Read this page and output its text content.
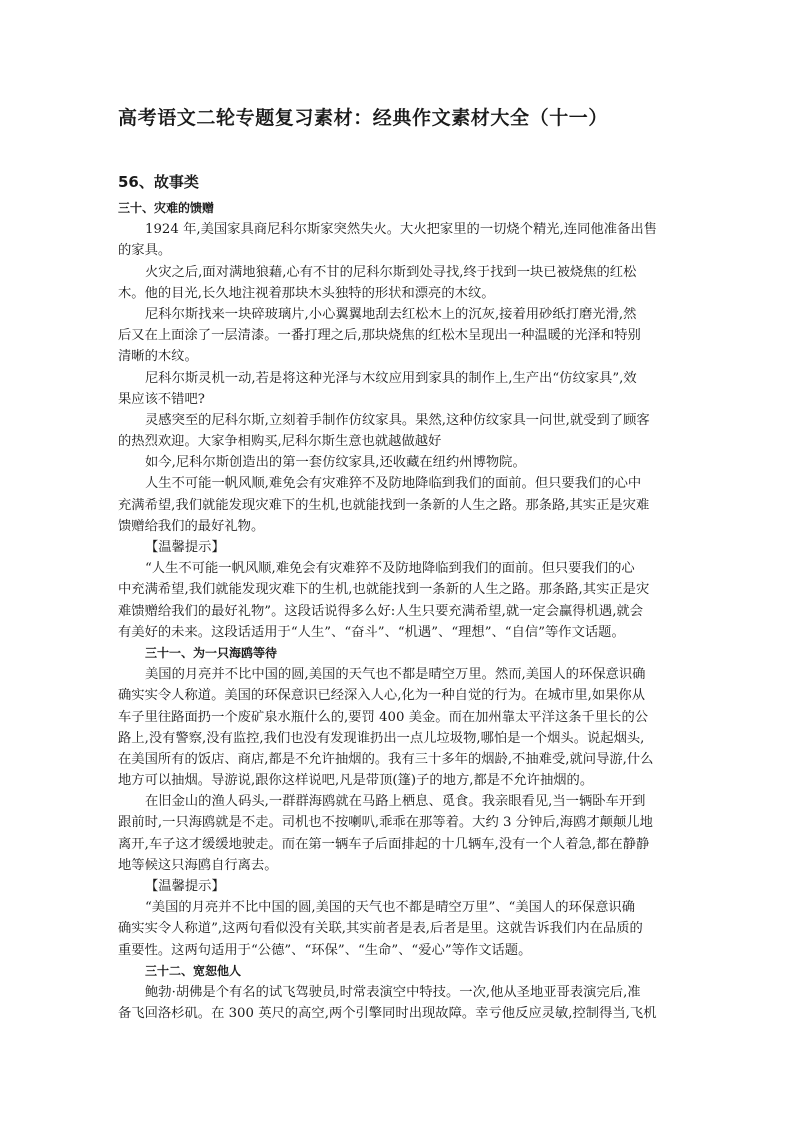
高考语文二轮专题复习素材：经典作文素材大全（十一）
56、故事类
三十、灾难的馈赠
1924 年,美国家具商尼科尔斯家突然失火。大火把家里的一切烧个精光,连同他准备出售
的家具。
火灾之后,面对满地狼藉,心有不甘的尼科尔斯到处寻找,终于找到一块已被烧焦的红松
木。他的目光,长久地注视着那块木头独特的形状和漂亮的木纹。
尼科尔斯找来一块碎玻璃片,小心翼翼地刮去红松木上的沉灰,接着用砂纸打磨光滑,然
后又在上面涂了一层清漆。一番打理之后,那块烧焦的红松木呈现出一种温暖的光泽和特别
清晰的木纹。
尼科尔斯灵机一动,若是将这种光泽与木纹应用到家具的制作上,生产出“仿纹家具”,效
果应该不错吧?
灵感突至的尼科尔斯,立刻着手制作仿纹家具。果然,这种仿纹家具一问世,就受到了顾客
的热烈欢迎。大家争相购买,尼科尔斯生意也就越做越好
如今,尼科尔斯创造出的第一套仿纹家具,还收藏在纽约州博物院。
人生不可能一帆风顺,难免会有灾难猝不及防地降临到我们的面前。但只要我们的心中
充满希望,我们就能发现灾难下的生机,也就能找到一条新的人生之路。那条路,其实正是灾难
馈赠给我们的最好礼物。
【温馨提示】
“人生不可能一帆风顺,难免会有灾难猝不及防地降临到我们的面前。但只要我们的心
中充满希望,我们就能发现灾难下的生机,也就能找到一条新的人生之路。那条路,其实正是灾
难馈赠给我们的最好礼物”。这段话说得多么好:人生只要充满希望,就一定会赢得机遇,就会
有美好的未来。这段话适用于“人生”、“奋斗”、“机遇”、“理想”、“自信”等作文话题。
三十一、为一只海鸥等待
美国的月亮并不比中国的圆,美国的天气也不都是晴空万里。然而,美国人的环保意识确
确实实令人称道。美国的环保意识已经深入人心,化为一种自觉的行为。在城市里,如果你从
车子里往路面扔一个废矿泉水瓶什么的,要罚 400 美金。而在加州靠太平洋这条千里长的公
路上,没有警察,没有监控,我们也没有发现谁扔出一点儿垃圾物,哪怕是一个烟头。说起烟头,
在美国所有的饭店、商店,都是不允许抽烟的。我有三十多年的烟龄,不抽难受,就问导游,什么
地方可以抽烟。导游说,跟你这样说吧,凡是带顶(篷)子的地方,都是不允许抽烟的。
在旧金山的渔人码头,一群群海鸥就在马路上栖息、觅食。我亲眼看见,当一辆卧车开到
跟前时,一只海鸥就是不走。司机也不按喇叭,乖乖在那等着。大约 3 分钟后,海鸥才颠颠儿地
离开,车子这才缓缓地驶走。而在第一辆车子后面排起的十几辆车,没有一个人着急,都在静静
地等候这只海鸥自行离去。
【温馨提示】
“美国的月亮并不比中国的圆,美国的天气也不都是晴空万里”、“美国人的环保意识确
确实实令人称道”,这两句看似没有关联,其实前者是表,后者是里。这就告诉我们内在品质的
重要性。这两句适用于“公德”、“环保”、“生命”、“爱心”等作文话题。
三十二、宽恕他人
鲍勃·胡佛是个有名的试飞驾驶员,时常表演空中特技。一次,他从圣地亚哥表演完后,准
备飞回洛杉矶。在 300 英尺的高空,两个引擎同时出现故障。幸亏他反应灵敏,控制得当,飞机
